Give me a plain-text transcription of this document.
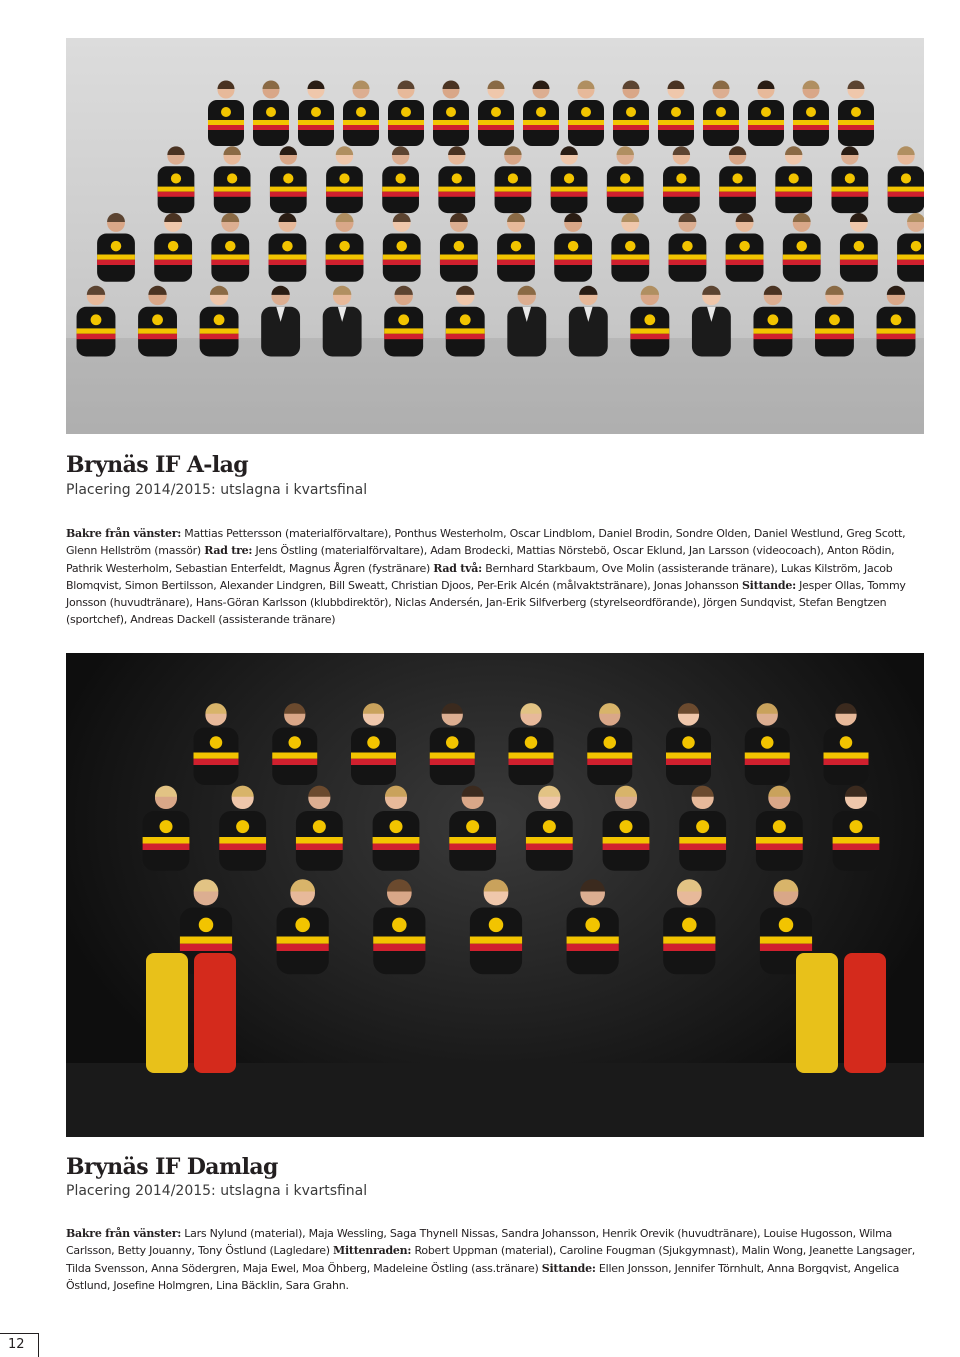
Brynäs IF A-lag

Placering 2014/2015: utslagna i kvartsfinal

Bakre från vänster: Mattias Pettersson (materialförvaltare), Ponthus Westerholm, Oscar Lindblom, Daniel Brodin, Sondre Olden, Daniel Westlund, Greg Scott, Glenn Hellström (massör) Rad tre: Jens Östling (materialförvaltare), Adam Brodecki, Mattias Nörstebö, Oscar Eklund, Jan Larsson (videocoach), Anton Rödin, Pathrik Westerholm, Sebastian Enterfeldt, Magnus Ågren (fystränare) Rad två: Bernhard Starkbaum, Ove Molin (assisterande tränare), Lukas Kilström, Jacob Blomqvist, Simon Bertilsson, Alexander Lindgren, Bill Sweatt, Christian Djoos, Per-Erik Alcén (målvaktstränare), Jonas Johansson Sittande: Jesper Ollas, Tommy Jonsson (huvudtränare), Hans-Göran Karlsson (klubbdirektör), Niclas Andersén, Jan-Erik Silfverberg (styrelseordförande), Jörgen Sundqvist, Stefan Bengtzen (sportchef), Andreas Dackell (assisterande tränare)

Brynäs IF Damlag

Placering 2014/2015: utslagna i kvartsfinal

Bakre från vänster: Lars Nylund (material), Maja Wessling, Saga Thynell Nissas, Sandra Johansson, Henrik Orevik (huvudtränare), Louise Hugosson, Wilma Carlsson, Betty Jouanny, Tony Östlund (Lagledare) Mittenraden: Robert Uppman (material), Caroline Fougman (Sjukgymnast), Malin Wong, Jeanette Langsager, Tilda Svensson, Anna Södergren, Maja Ewel, Moa Öhberg, Madeleine Östling (ass.tränare) Sittande: Ellen Jonsson, Jennifer Törnhult, Anna Borgqvist, Angelica Östlund, Josefine Holmgren, Lina Bäcklin, Sara Grahn.

12
